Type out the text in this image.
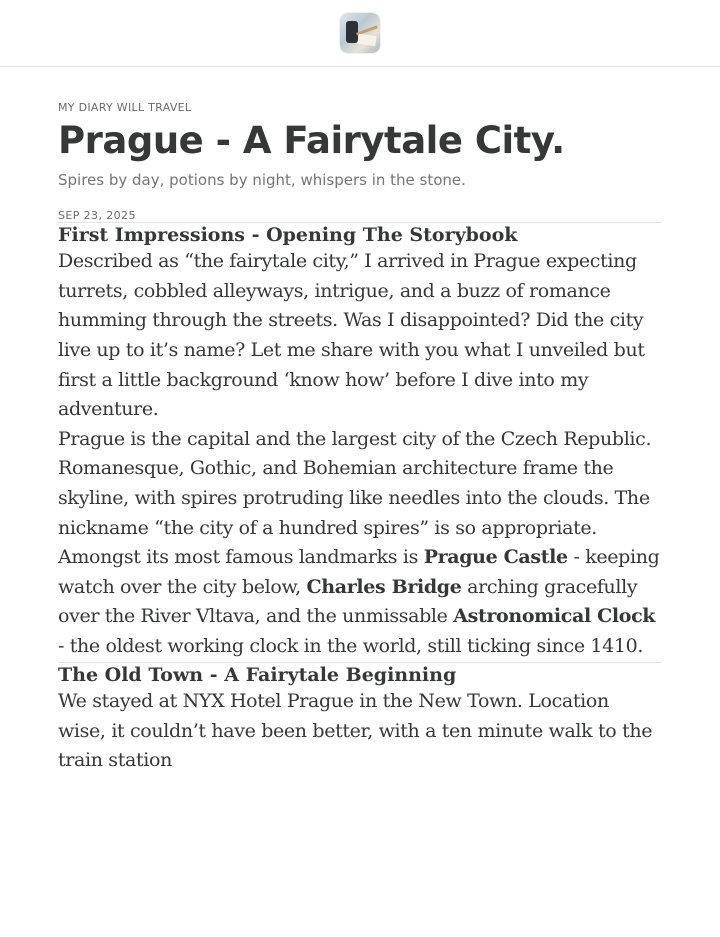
MY DIARY WILL TRAVEL

Prague - A Fairytale City.

Spires by day, potions by night, whispers in the stone.

SEP 23, 2025

First Impressions - Opening The Storybook

Described as “the fairytale city,” I arrived in Prague expecting turrets, cobbled alleyways, intrigue, and a buzz of romance humming through the streets. Was I disappointed? Did the city live up to it’s name? Let me share with you what I unveiled but first a little background ‘know how’ before I dive into my adventure.

Prague is the capital and the largest city of the Czech Republic. Romanesque, Gothic, and Bohemian architecture frame the skyline, with spires protruding like needles into the clouds. The nickname “the city of a hundred spires” is so appropriate.

Amongst its most famous landmarks is Prague Castle - keeping watch over the city below, Charles Bridge arching gracefully over the River Vltava, and the unmissable Astronomical Clock - the oldest working clock in the world, still ticking since 1410.

The Old Town - A Fairytale Beginning

We stayed at NYX Hotel Prague in the New Town. Location wise, it couldn’t have been better, with a ten minute walk to the train station
